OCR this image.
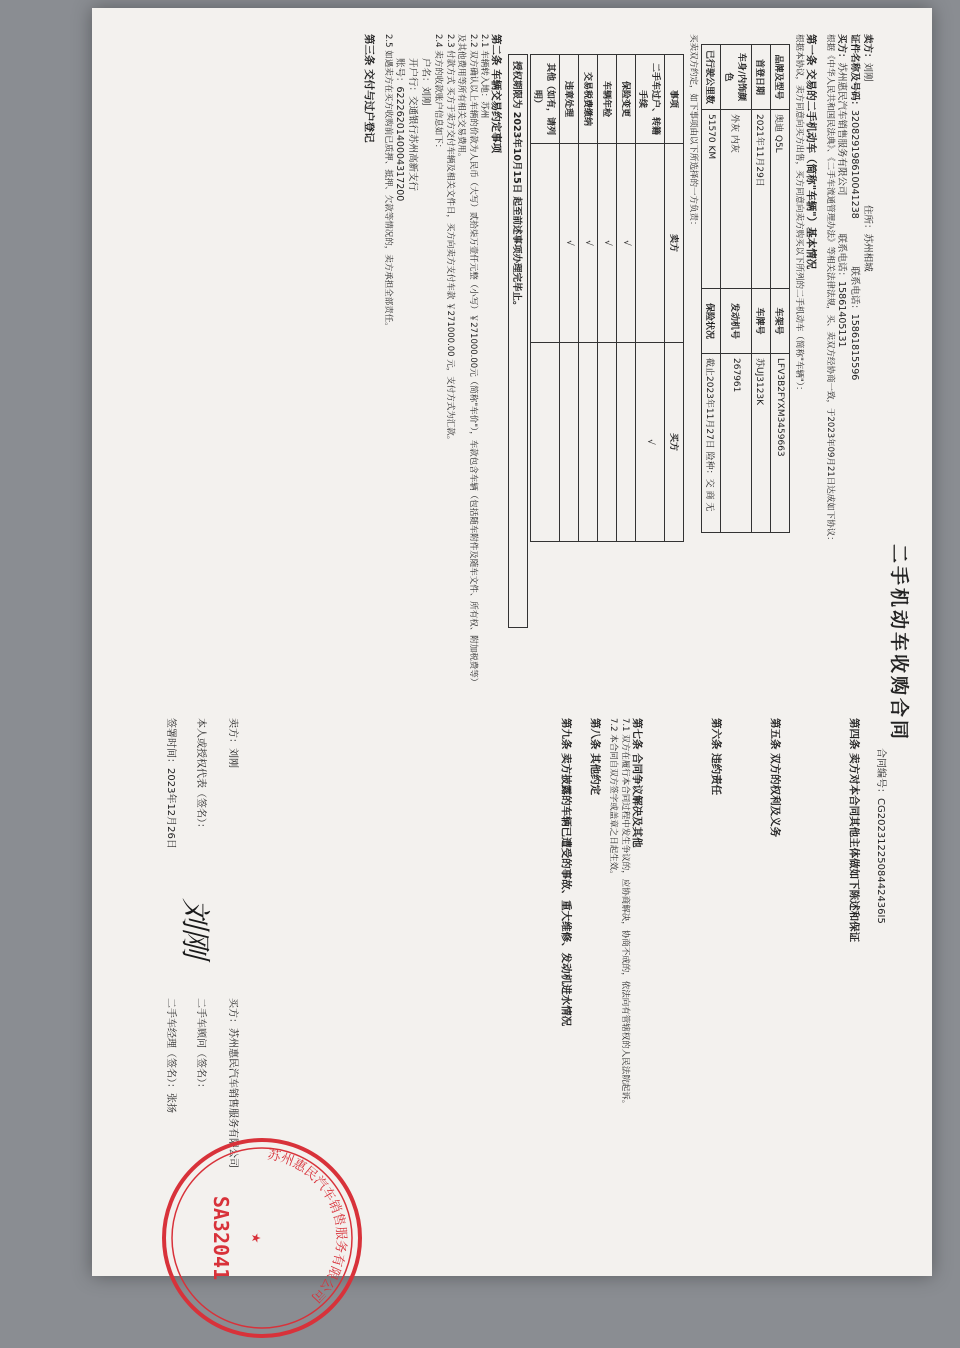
二手机动车收购合同
合同编号：CG2023122508442436I5
卖方：刘刚　　　　　　　　　　　　　住所：苏州相城
证件名称及号码：320829198610041238　　　　　联系电话：15861815596
买方：苏州惠民汽车销售服务有限公司　　　　联系电话：15861405131
根据《中华人民共和国民法典》、《二手车流通管理办法》等相关法律法规，买、卖双方经协商一致，于2023年09月21日达成如下协议：
第一条 交易的二手机动车（简称"车辆"）基本情况
根据本协议，卖方同意向买方出售，买方同意向卖方购买以下所列的二手机动车（简称"车辆"）：
品牌及型号	奥迪 Q5L	车架号	LFV3B2FYXM3459663
首登日期	2021年11月29日	车牌号	苏UJ3123K
车身/内饰颜色	外灰 内灰	发动机号	267961
已行驶公里数	51570 KM	保险状况	截止2023年11月27日 险种：交 商 无
买卖双方约定，如下事项由以下所选择的一方负责：
事项	卖方	买方
二手车过户、转籍手续		√
保险变更	√	
车辆年检	√	
交易税费缴纳	√	
违章处理	√	
其他（如有，请列明）		
授权期限为 2023年10月15日 起至前述事项办理完毕止。
第二条 车辆交易约定事项
2.1 车辆转入地：苏州
2.2 双方确认以上车辆的价款为人民币（大写）贰拾柒万壹仟元整（小写）￥271000.00元（简称"车价"），车款包含车辆（包括随车附件及随车文件、所有权、附加税费等）及其他费用等所有相关交易费用。
2.3 付款方式 买方于卖方交付车辆及相关文件日，买方向卖方支付车款 ￥271000.00 元，支付方式为汇款。
2.4 卖方的收款账户信息如下：
户名：刘刚
开户行：交通银行苏州高新支行
账号：6222620140004317200
2.5 如遇卖方在买方收购前已质押、抵押、欠款等情况的，卖方承担全部责任。
第三条 交付与过户登记
第四条 卖方对本合同其他主体做如下陈述和保证
第五条 双方的权利及义务
第六条 违约责任
第七条 合同争议解决及其他
7.1 双方在履行本合同过程中发生争议的，应协商解决，协商不成的，依法向有管辖权的人民法院起诉。
7.2 本合同自双方签字或盖章之日起生效。
第八条 其他约定
第九条 卖方披露的车辆已遭受的事故、重大维修、发动机进水情况
卖方：刘刚
本人或授权代表（签名）：
签署时间：2023年12月26日
刘刚
买方：苏州惠民汽车销售服务有限公司
二手车顾问（签名）：
二手车经理（签名）：张扬
苏州惠民汽车销售服务有限公司
★
SA32041
